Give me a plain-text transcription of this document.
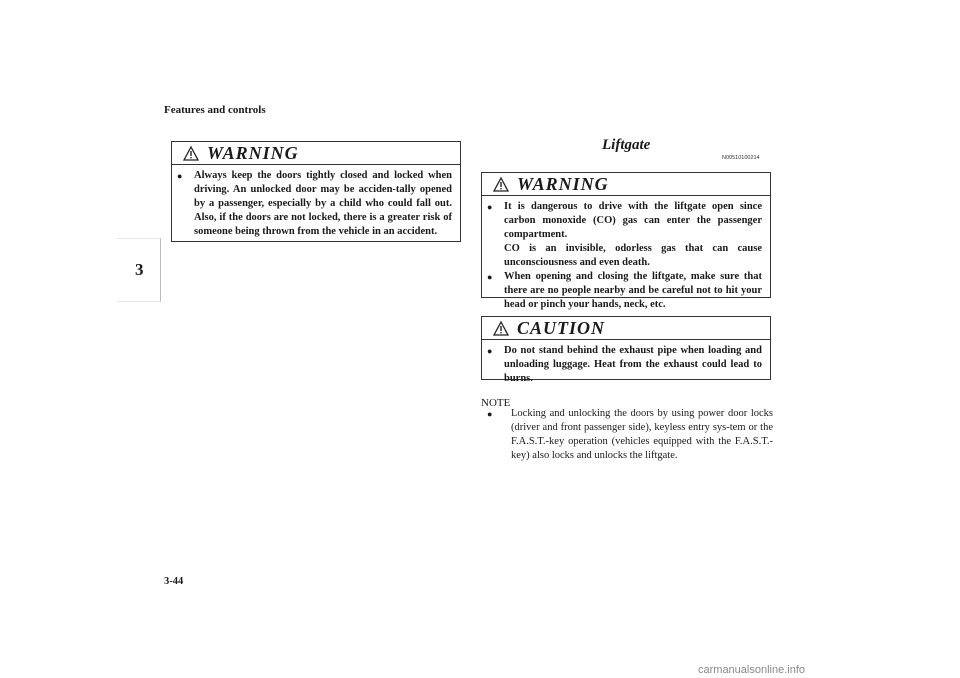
Features and controls
3
WARNING
●	Always keep the doors tightly closed and locked when driving. An unlocked door may be acciden-tally opened by a passenger, especially by a child who could fall out. Also, if the doors are not locked, there is a greater risk of someone being thrown from the vehicle in an accident.
Liftgate
N00510100214
WARNING
●	It is dangerous to drive with the liftgate open since carbon monoxide (CO) gas can enter the passenger compartment.

CO is an invisible, odorless gas that can cause unconsciousness and even death.

●	When opening and closing the liftgate, make sure that there are no people nearby and be careful not to hit your head or pinch your hands, neck, etc.
CAUTION
●	Do not stand behind the exhaust pipe when loading and unloading luggage. Heat from the exhaust could lead to burns.
NOTE
●	Locking and unlocking the doors by using power door locks (driver and front passenger side), keyless entry sys-tem or the F.A.S.T.-key operation (vehicles equipped with the F.A.S.T.-key) also locks and unlocks the liftgate.
3-44
carmanualsonline.info
